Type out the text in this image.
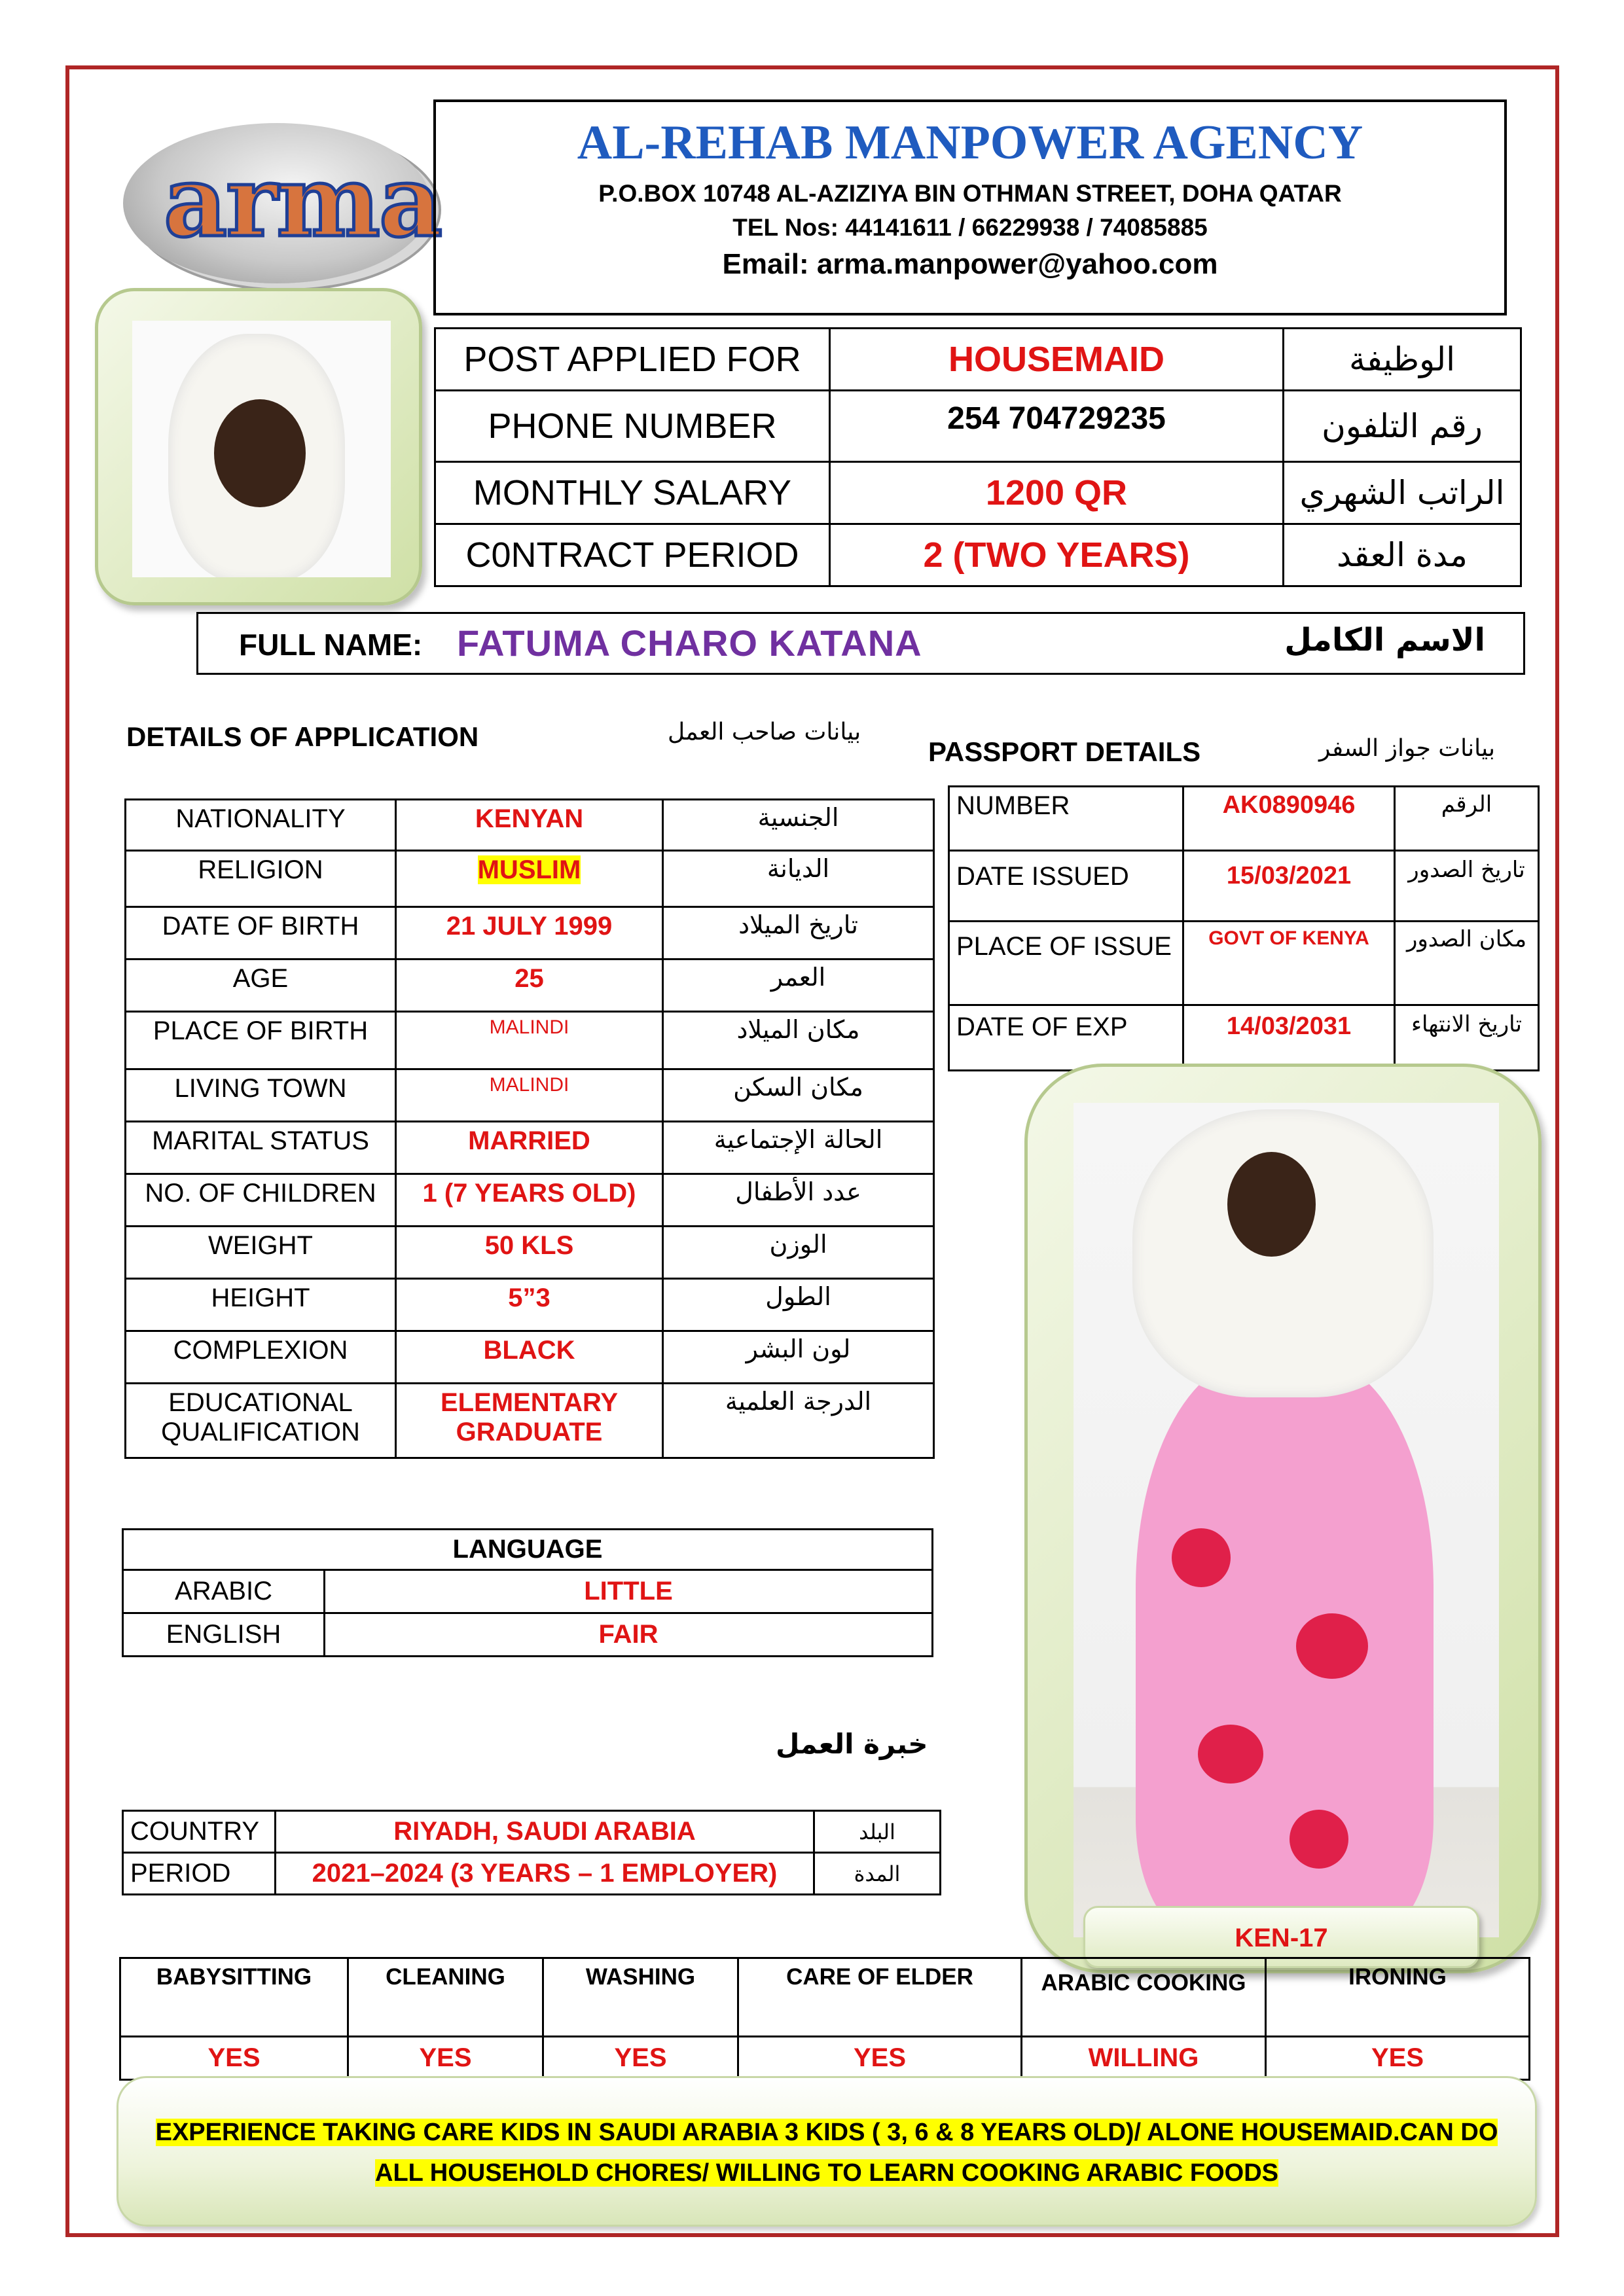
arma
AL-REHAB MANPOWER AGENCY
P.O.BOX 10748 AL-AZIZIYA BIN OTHMAN STREET, DOHA QATAR
TEL Nos: 44141611 / 66229938 / 74085885
Email: arma.manpower@yahoo.com
POST APPLIED FOR	HOUSEMAID	الوظيفة
PHONE NUMBER	254 704729235	رقم التلفون
MONTHLY SALARY	1200 QR	الراتب الشهري
C0NTRACT PERIOD	2 (TWO YEARS)	مدة العقد
FULL NAME: FATUMA CHARO KATANA	الاسم الكامل
DETAILS OF APPLICATION	بيانات صاحب العمل
PASSPORT DETAILS	بيانات جواز السفر
NATIONALITY	KENYAN	الجنسية
RELIGION	MUSLIM	الديانة
DATE OF BIRTH	21 JULY 1999	تاريخ الميلاد
AGE	25	العمر
PLACE OF BIRTH	MALINDI	مكان الميلاد
LIVING TOWN	MALINDI	مكان السكن
MARITAL STATUS	MARRIED	الحالة الإجتماعية
NO. OF CHILDREN	1 (7 YEARS OLD)	عدد الأطفال
WEIGHT	50 KLS	الوزن
HEIGHT	5”3	الطول
COMPLEXION	BLACK	لون البشر
EDUCATIONAL QUALIFICATION	ELEMENTARY GRADUATE	الدرجة العلمية
NUMBER	AK0890946	الرقم
DATE ISSUED	15/03/2021	تاريخ الصدور
PLACE OF ISSUE	GOVT OF KENYA	مكان الصدور
DATE OF EXP	14/03/2031	تاريخ الانتهاء
KEN-17
LANGUAGE	
ARABIC	LITTLE
ENGLISH	FAIR
خبرة العمل
COUNTRY	RIYADH, SAUDI ARABIA	البلد
PERIOD	2021–2024 (3 YEARS – 1 EMPLOYER)	المدة
BABYSITTING	CLEANING	WASHING	CARE OF ELDER	ARABIC COOKING	IRONING
YES	YES	YES	YES	WILLING	YES
EXPERIENCE TAKING CARE KIDS IN SAUDI ARABIA 3 KIDS ( 3, 6 & 8 YEARS OLD)/ ALONE HOUSEMAID.CAN DO
ALL HOUSEHOLD CHORES/ WILLING TO LEARN COOKING ARABIC FOODS
